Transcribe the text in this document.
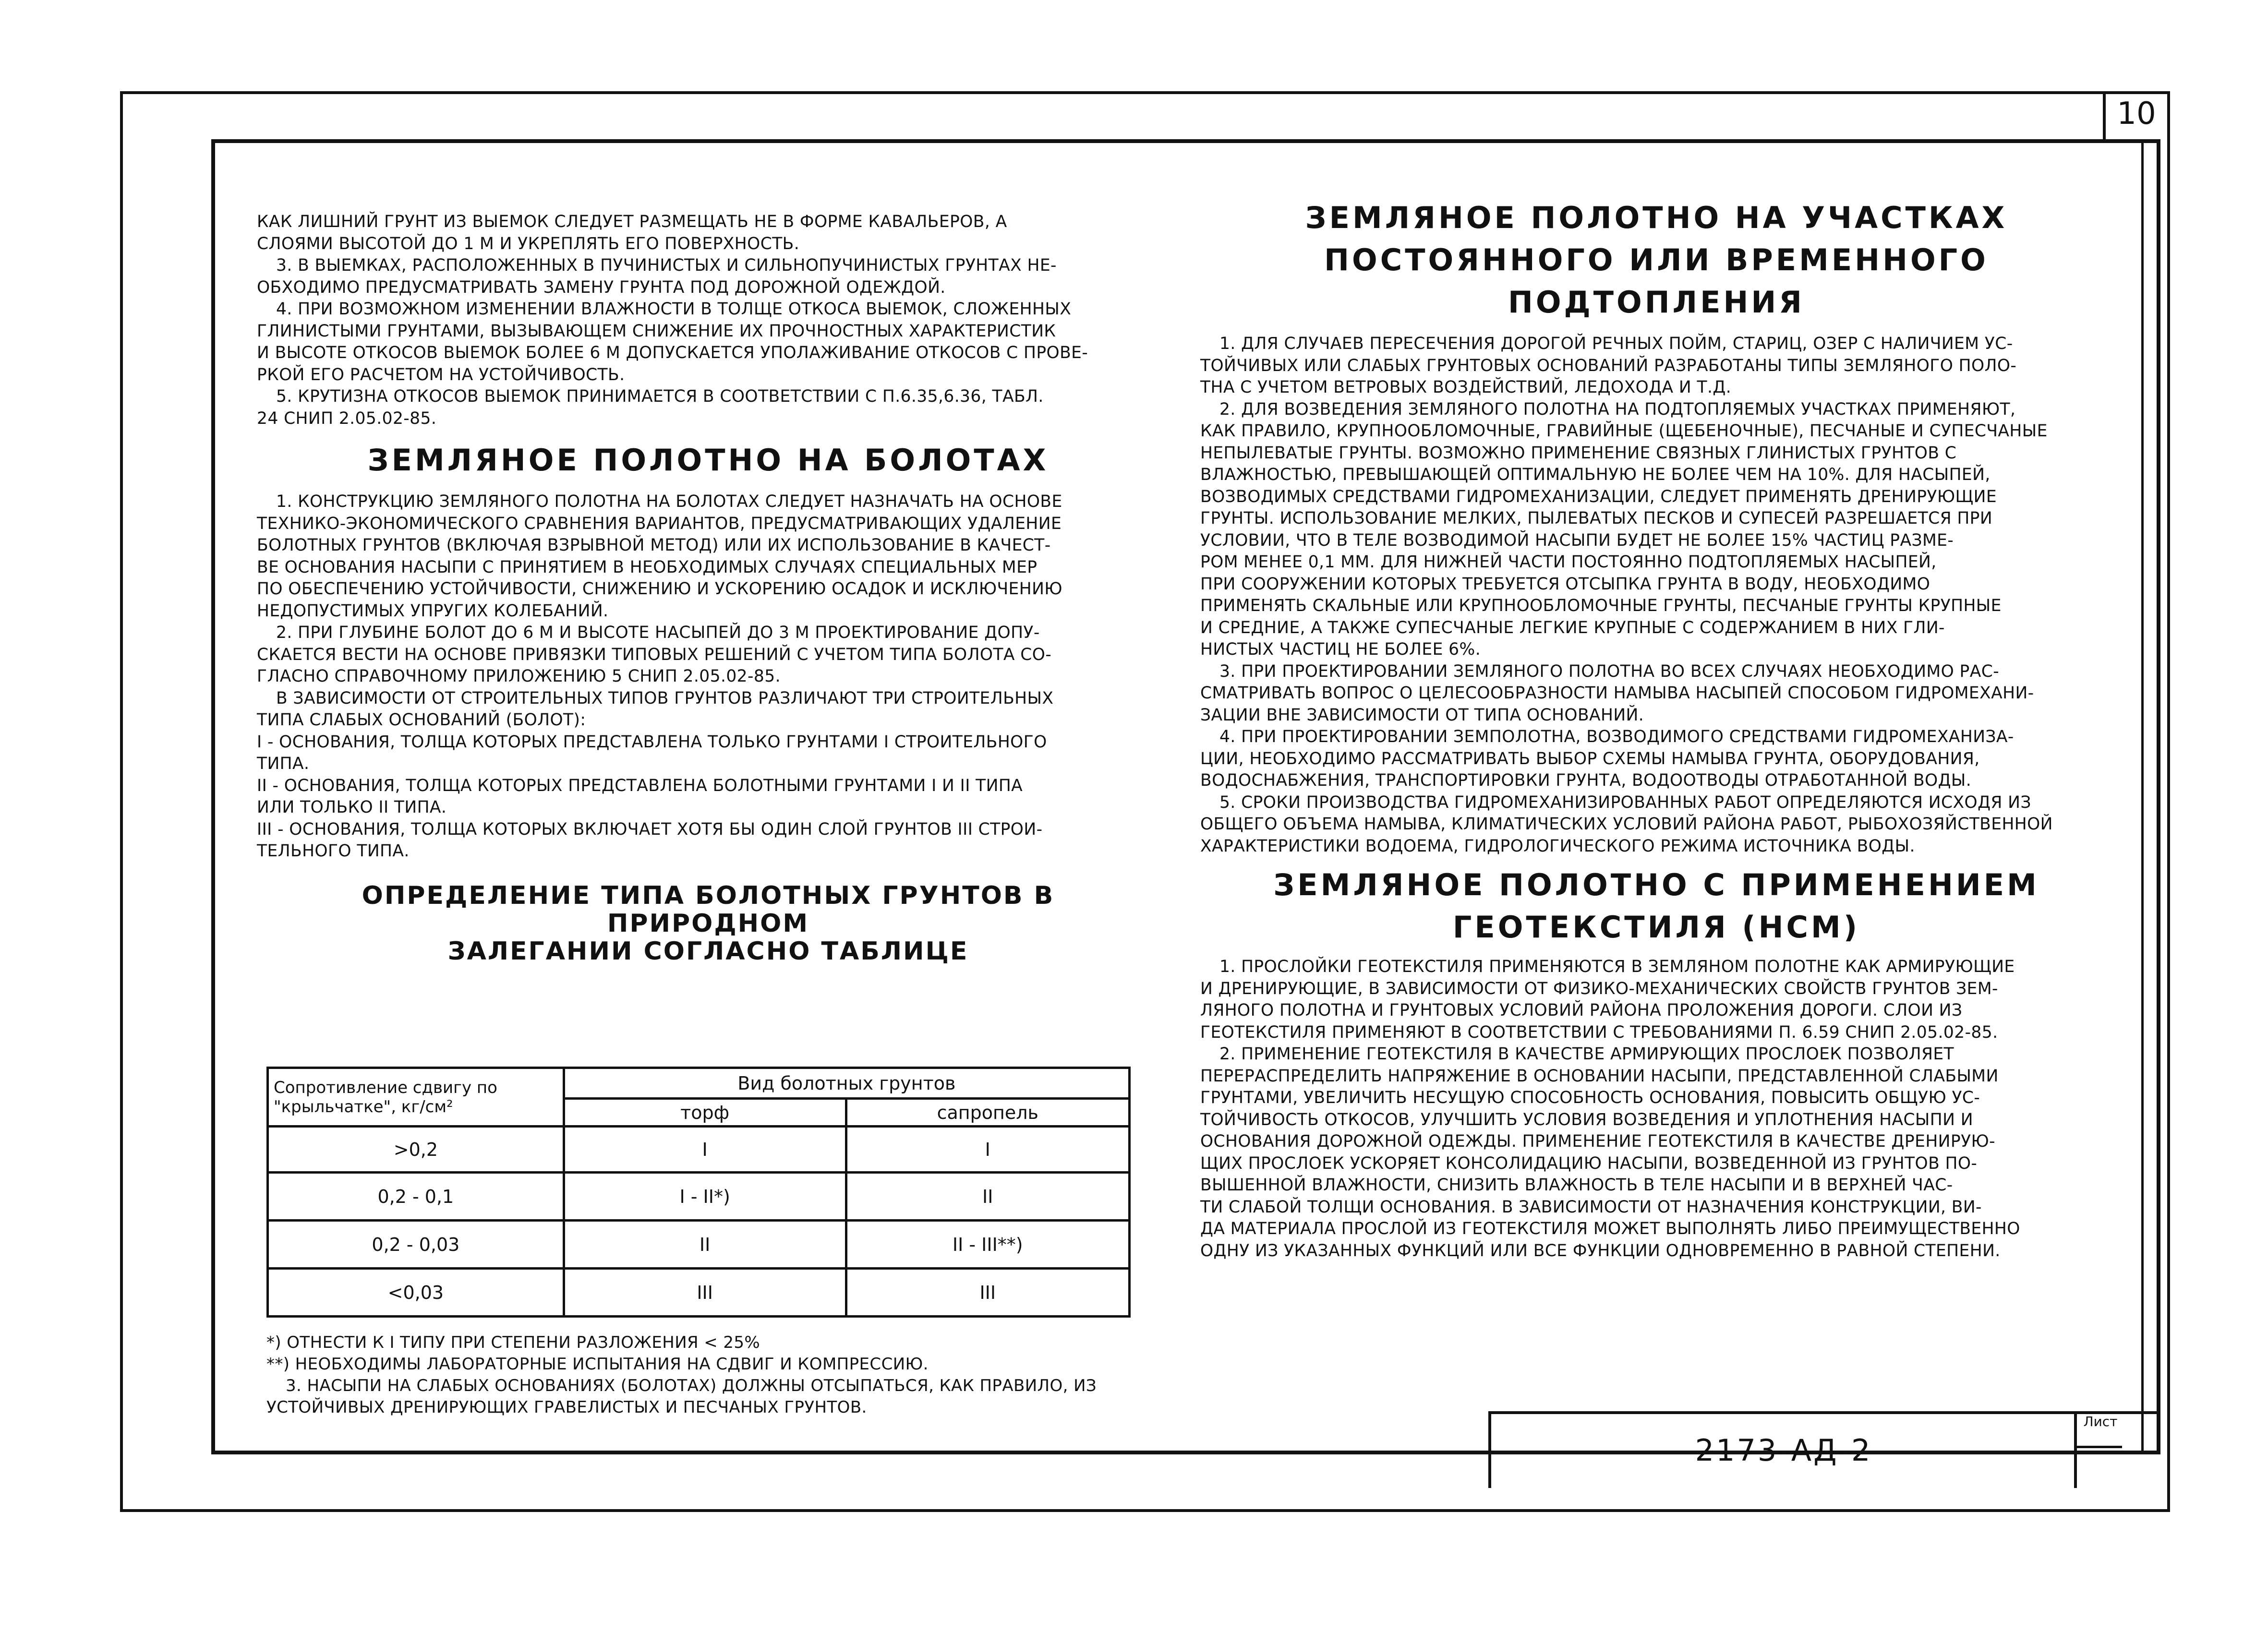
10

КАК ЛИШНИЙ ГРУНТ ИЗ ВЫЕМОК СЛЕДУЕТ РАЗМЕЩАТЬ НЕ В ФОРМЕ КАВАЛЬЕРОВ, А
СЛОЯМИ ВЫСОТОЙ ДО 1 М И УКРЕПЛЯТЬ ЕГО ПОВЕРХНОСТЬ.

3. В ВЫЕМКАХ, РАСПОЛОЖЕННЫХ В ПУЧИНИСТЫХ И СИЛЬНОПУЧИНИСТЫХ ГРУНТАХ НЕ-
ОБХОДИМО ПРЕДУСМАТРИВАТЬ ЗАМЕНУ ГРУНТА ПОД ДОРОЖНОЙ ОДЕЖДОЙ.

4. ПРИ ВОЗМОЖНОМ ИЗМЕНЕНИИ ВЛАЖНОСТИ В ТОЛЩЕ ОТКОСА ВЫЕМОК, СЛОЖЕННЫХ
ГЛИНИСТЫМИ ГРУНТАМИ, ВЫЗЫВАЮЩЕМ СНИЖЕНИЕ ИХ ПРОЧНОСТНЫХ ХАРАКТЕРИСТИК
И ВЫСОТЕ ОТКОСОВ ВЫЕМОК БОЛЕЕ 6 М ДОПУСКАЕТСЯ УПОЛАЖИВАНИЕ ОТКОСОВ С ПРОВЕ-
РКОЙ ЕГО РАСЧЕТОМ НА УСТОЙЧИВОСТЬ.

5. КРУТИЗНА ОТКОСОВ ВЫЕМОК ПРИНИМАЕТСЯ В СООТВЕТСТВИИ С П.6.35,6.36, ТАБЛ.
24 СНИП 2.05.02-85.

ЗЕМЛЯНОЕ ПОЛОТНО НА БОЛОТАХ

1. КОНСТРУКЦИЮ ЗЕМЛЯНОГО ПОЛОТНА НА БОЛОТАХ СЛЕДУЕТ НАЗНАЧАТЬ НА ОСНОВЕ
ТЕХНИКО-ЭКОНОМИЧЕСКОГО СРАВНЕНИЯ ВАРИАНТОВ, ПРЕДУСМАТРИВАЮЩИХ УДАЛЕНИЕ
БОЛОТНЫХ ГРУНТОВ (ВКЛЮЧАЯ ВЗРЫВНОЙ МЕТОД) ИЛИ ИХ ИСПОЛЬЗОВАНИЕ В КАЧЕСТ-
ВЕ ОСНОВАНИЯ НАСЫПИ С ПРИНЯТИЕМ В НЕОБХОДИМЫХ СЛУЧАЯХ СПЕЦИАЛЬНЫХ МЕР
ПО ОБЕСПЕЧЕНИЮ УСТОЙЧИВОСТИ, СНИЖЕНИЮ И УСКОРЕНИЮ ОСАДОК И ИСКЛЮЧЕНИЮ
НЕДОПУСТИМЫХ УПРУГИХ КОЛЕБАНИЙ.

2. ПРИ ГЛУБИНЕ БОЛОТ ДО 6 М И ВЫСОТЕ НАСЫПЕЙ ДО 3 М ПРОЕКТИРОВАНИЕ ДОПУ-
СКАЕТСЯ ВЕСТИ НА ОСНОВЕ ПРИВЯЗКИ ТИПОВЫХ РЕШЕНИЙ С УЧЕТОМ ТИПА БОЛОТА СО-
ГЛАСНО СПРАВОЧНОМУ ПРИЛОЖЕНИЮ 5 СНИП 2.05.02-85.

В ЗАВИСИМОСТИ ОТ СТРОИТЕЛЬНЫХ ТИПОВ ГРУНТОВ РАЗЛИЧАЮТ ТРИ СТРОИТЕЛЬНЫХ
ТИПА СЛАБЫХ ОСНОВАНИЙ (БОЛОТ):

I - ОСНОВАНИЯ, ТОЛЩА КОТОРЫХ ПРЕДСТАВЛЕНА ТОЛЬКО ГРУНТАМИ I СТРОИТЕЛЬНОГО
ТИПА.

II - ОСНОВАНИЯ, ТОЛЩА КОТОРЫХ ПРЕДСТАВЛЕНА БОЛОТНЫМИ ГРУНТАМИ I И II ТИПА
ИЛИ ТОЛЬКО II ТИПА.

III - ОСНОВАНИЯ, ТОЛЩА КОТОРЫХ ВКЛЮЧАЕТ ХОТЯ БЫ ОДИН СЛОЙ ГРУНТОВ III СТРОИ-
ТЕЛЬНОГО ТИПА.

ОПРЕДЕЛЕНИЕ ТИПА БОЛОТНЫХ ГРУНТОВ В ПРИРОДНОМ
ЗАЛЕГАНИИ СОГЛАСНО ТАБЛИЦЕ
Сопротивление сдвигу по "крыльчатке", кг/см²	Вид болотных грунтов	
	торф	сапропель
>0,2	I	I
0,2 - 0,1	I - II*)	II
0,2 - 0,03	II	II - III**)
<0,03	III	III

*) ОТНЕСТИ К I ТИПУ ПРИ СТЕПЕНИ РАЗЛОЖЕНИЯ < 25%

**) НЕОБХОДИМЫ ЛАБОРАТОРНЫЕ ИСПЫТАНИЯ НА СДВИГ И КОМПРЕССИЮ.

3. НАСЫПИ НА СЛАБЫХ ОСНОВАНИЯХ (БОЛОТАХ) ДОЛЖНЫ ОТСЫПАТЬСЯ, КАК ПРАВИЛО, ИЗ
УСТОЙЧИВЫХ ДРЕНИРУЮЩИХ ГРАВЕЛИСТЫХ И ПЕСЧАНЫХ ГРУНТОВ.

ЗЕМЛЯНОЕ ПОЛОТНО НА УЧАСТКАХ
ПОСТОЯННОГО ИЛИ ВРЕМЕННОГО ПОДТОПЛЕНИЯ

1. ДЛЯ СЛУЧАЕВ ПЕРЕСЕЧЕНИЯ ДОРОГОЙ РЕЧНЫХ ПОЙМ, СТАРИЦ, ОЗЕР С НАЛИЧИЕМ УС-
ТОЙЧИВЫХ ИЛИ СЛАБЫХ ГРУНТОВЫХ ОСНОВАНИЙ РАЗРАБОТАНЫ ТИПЫ ЗЕМЛЯНОГО ПОЛО-
ТНА С УЧЕТОМ ВЕТРОВЫХ ВОЗДЕЙСТВИЙ, ЛЕДОХОДА И Т.Д.

2. ДЛЯ ВОЗВЕДЕНИЯ ЗЕМЛЯНОГО ПОЛОТНА НА ПОДТОПЛЯЕМЫХ УЧАСТКАХ ПРИМЕНЯЮТ,
КАК ПРАВИЛО, КРУПНООБЛОМОЧНЫЕ, ГРАВИЙНЫЕ (ЩЕБЕНОЧНЫЕ), ПЕСЧАНЫЕ И СУПЕСЧАНЫЕ
НЕПЫЛЕВАТЫЕ ГРУНТЫ. ВОЗМОЖНО ПРИМЕНЕНИЕ СВЯЗНЫХ ГЛИНИСТЫХ ГРУНТОВ С
ВЛАЖНОСТЬЮ, ПРЕВЫШАЮЩЕЙ ОПТИМАЛЬНУЮ НЕ БОЛЕЕ ЧЕМ НА 10%. ДЛЯ НАСЫПЕЙ,
ВОЗВОДИМЫХ СРЕДСТВАМИ ГИДРОМЕХАНИЗАЦИИ, СЛЕДУЕТ ПРИМЕНЯТЬ ДРЕНИРУЮЩИЕ
ГРУНТЫ. ИСПОЛЬЗОВАНИЕ МЕЛКИХ, ПЫЛЕВАТЫХ ПЕСКОВ И СУПЕСЕЙ РАЗРЕШАЕТСЯ ПРИ
УСЛОВИИ, ЧТО В ТЕЛЕ ВОЗВОДИМОЙ НАСЫПИ БУДЕТ НЕ БОЛЕЕ 15% ЧАСТИЦ РАЗМЕ-
РОМ МЕНЕЕ 0,1 ММ. ДЛЯ НИЖНЕЙ ЧАСТИ ПОСТОЯННО ПОДТОПЛЯЕМЫХ НАСЫПЕЙ,
ПРИ СООРУЖЕНИИ КОТОРЫХ ТРЕБУЕТСЯ ОТСЫПКА ГРУНТА В ВОДУ, НЕОБХОДИМО
ПРИМЕНЯТЬ СКАЛЬНЫЕ ИЛИ КРУПНООБЛОМОЧНЫЕ ГРУНТЫ, ПЕСЧАНЫЕ ГРУНТЫ КРУПНЫЕ
И СРЕДНИЕ, А ТАКЖЕ СУПЕСЧАНЫЕ ЛЕГКИЕ КРУПНЫЕ С СОДЕРЖАНИЕМ В НИХ ГЛИ-
НИСТЫХ ЧАСТИЦ НЕ БОЛЕЕ 6%.

3. ПРИ ПРОЕКТИРОВАНИИ ЗЕМЛЯНОГО ПОЛОТНА ВО ВСЕХ СЛУЧАЯХ НЕОБХОДИМО РАС-
СМАТРИВАТЬ ВОПРОС О ЦЕЛЕСООБРАЗНОСТИ НАМЫВА НАСЫПЕЙ СПОСОБОМ ГИДРОМЕХАНИ-
ЗАЦИИ ВНЕ ЗАВИСИМОСТИ ОТ ТИПА ОСНОВАНИЙ.

4. ПРИ ПРОЕКТИРОВАНИИ ЗЕМПОЛОТНА, ВОЗВОДИМОГО СРЕДСТВАМИ ГИДРОМЕХАНИЗА-
ЦИИ, НЕОБХОДИМО РАССМАТРИВАТЬ ВЫБОР СХЕМЫ НАМЫВА ГРУНТА, ОБОРУДОВАНИЯ,
ВОДОСНАБЖЕНИЯ, ТРАНСПОРТИРОВКИ ГРУНТА, ВОДООТВОДЫ ОТРАБОТАННОЙ ВОДЫ.

5. СРОКИ ПРОИЗВОДСТВА ГИДРОМЕХАНИЗИРОВАННЫХ РАБОТ ОПРЕДЕЛЯЮТСЯ ИСХОДЯ ИЗ
ОБЩЕГО ОБЪЕМА НАМЫВА, КЛИМАТИЧЕСКИХ УСЛОВИЙ РАЙОНА РАБОТ, РЫБОХОЗЯЙСТВЕННОЙ
ХАРАКТЕРИСТИКИ ВОДОЕМА, ГИДРОЛОГИЧЕСКОГО РЕЖИМА ИСТОЧНИКА ВОДЫ.

ЗЕМЛЯНОЕ ПОЛОТНО С ПРИМЕНЕНИЕМ
ГЕОТЕКСТИЛЯ (НСМ)

1. ПРОСЛОЙКИ ГЕОТЕКСТИЛЯ ПРИМЕНЯЮТСЯ В ЗЕМЛЯНОМ ПОЛОТНЕ КАК АРМИРУЮЩИЕ
И ДРЕНИРУЮЩИЕ, В ЗАВИСИМОСТИ ОТ ФИЗИКО-МЕХАНИЧЕСКИХ СВОЙСТВ ГРУНТОВ ЗЕМ-
ЛЯНОГО ПОЛОТНА И ГРУНТОВЫХ УСЛОВИЙ РАЙОНА ПРОЛОЖЕНИЯ ДОРОГИ. СЛОИ ИЗ
ГЕОТЕКСТИЛЯ ПРИМЕНЯЮТ В СООТВЕТСТВИИ С ТРЕБОВАНИЯМИ П. 6.59 СНИП 2.05.02-85.

2. ПРИМЕНЕНИЕ ГЕОТЕКСТИЛЯ В КАЧЕСТВЕ АРМИРУЮЩИХ ПРОСЛОЕК ПОЗВОЛЯЕТ
ПЕРЕРАСПРЕДЕЛИТЬ НАПРЯЖЕНИЕ В ОСНОВАНИИ НАСЫПИ, ПРЕДСТАВЛЕННОЙ СЛАБЫМИ
ГРУНТАМИ, УВЕЛИЧИТЬ НЕСУЩУЮ СПОСОБНОСТЬ ОСНОВАНИЯ, ПОВЫСИТЬ ОБЩУЮ УС-
ТОЙЧИВОСТЬ ОТКОСОВ, УЛУЧШИТЬ УСЛОВИЯ ВОЗВЕДЕНИЯ И УПЛОТНЕНИЯ НАСЫПИ И
ОСНОВАНИЯ ДОРОЖНОЙ ОДЕЖДЫ. ПРИМЕНЕНИЕ ГЕОТЕКСТИЛЯ В КАЧЕСТВЕ ДРЕНИРУЮ-
ЩИХ ПРОСЛОЕК УСКОРЯЕТ КОНСОЛИДАЦИЮ НАСЫПИ, ВОЗВЕДЕННОЙ ИЗ ГРУНТОВ ПО-
ВЫШЕННОЙ ВЛАЖНОСТИ, СНИЗИТЬ ВЛАЖНОСТЬ В ТЕЛЕ НАСЫПИ И В ВЕРХНЕЙ ЧАС-
ТИ СЛАБОЙ ТОЛЩИ ОСНОВАНИЯ. В ЗАВИСИМОСТИ ОТ НАЗНАЧЕНИЯ КОНСТРУКЦИИ, ВИ-
ДА МАТЕРИАЛА ПРОСЛОЙ ИЗ ГЕОТЕКСТИЛЯ МОЖЕТ ВЫПОЛНЯТЬ ЛИБО ПРЕИМУЩЕСТВЕННО
ОДНУ ИЗ УКАЗАННЫХ ФУНКЦИЙ ИЛИ ВСЕ ФУНКЦИИ ОДНОВРЕМЕННО В РАВНОЙ СТЕПЕНИ.

2173-АД-2
Лист
